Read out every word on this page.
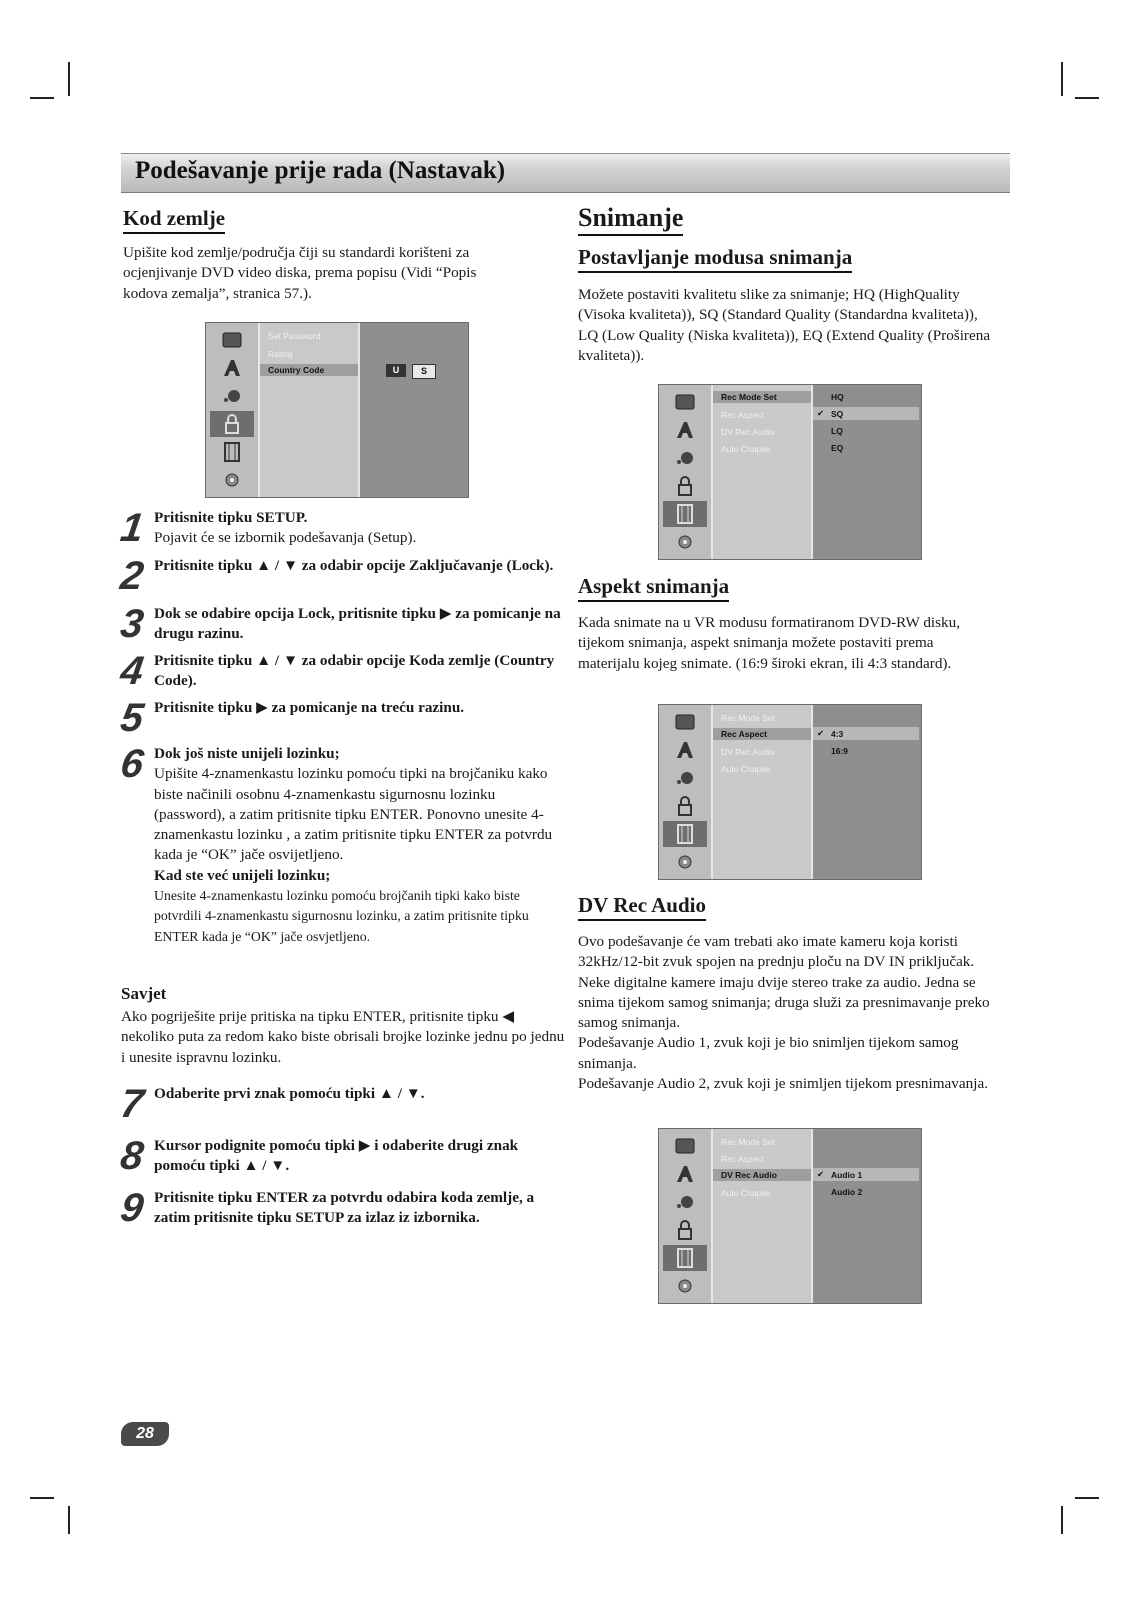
Podešavanje prije rada (Nastavak)
Kod zemlje

Upišite kod zemlje/područja čiji su standardi korišteni za
ocjenjivanje DVD video diska, prema popisu (Vidi “Popis
kodova zemalja”, stranica 57.).

Set Password
Rating
Country Code	U	S
1 Pritisnite tipku SETUP.
Pojavit će se izbornik podešavanja (Setup).
2 Pritisnite tipku ▲ / ▼ za odabir opcije Zaključavanje (Lock).
3 Dok se odabire opcija Lock, pritisnite tipku ▶ za pomicanje na drugu razinu.
4 Pritisnite tipku ▲ / ▼ za odabir opcije Koda zemlje (Country Code).
5 Pritisnite tipku ▶ za pomicanje na treću razinu.
6 Dok još niste unijeli lozinku;
Upišite 4-znamenkastu lozinku pomoću tipki na brojčaniku kako biste načinili osobnu 4-znamenkastu sigurnosnu lozinku (password), a zatim pritisnite tipku ENTER. Ponovno unesite 4-znamenkastu lozinku , a zatim pritisnite tipku ENTER za potvrdu kada je “OK” jače osvijetljeno.
Kad ste već unijeli lozinku;
Unesite 4-znamenkastu lozinku pomoću brojčanih tipki kako biste potvrdili 4-znamenkastu sigurnosnu lozinku, a zatim pritisnite tipku ENTER kada je “OK” jače osvjetljeno.
Savjet

Ako pogriješite prije pritiska na tipku ENTER, pritisnite tipku ◀ nekoliko puta za redom kako biste obrisali brojke lozinke jednu po jednu i unesite ispravnu lozinku.

7 Odaberite prvi znak pomoću tipki ▲ / ▼.
8 Kursor podignite pomoću tipki ▶ i odaberite drugi znak pomoću tipki ▲ / ▼.
9 Pritisnite tipku ENTER za potvrdu odabira koda zemlje, a zatim pritisnite tipku SETUP za izlaz iz izbornika.
Snimanje
Postavljanje modusa snimanja

Možete postaviti kvalitetu slike za snimanje; HQ (HighQuality (Visoka kvaliteta)), SQ (Standard Quality (Standardna kvaliteta)), LQ (Low Quality (Niska kvaliteta)), EQ (Extend Quality (Proširena kvaliteta)).

Rec Mode Set
Rec Aspect
DV Rec Audio
Auto Chapter
HQ
✔ SQ
LQ
EQ
Aspekt snimanja

Kada snimate na u VR modusu formatiranom DVD-RW disku, tijekom snimanja, aspekt snimanja možete postaviti prema materijalu kojeg snimate. (16:9 široki ekran, ili 4:3 standard).

Rec Mode Set
Rec Aspect
DV Rec Audio
Auto Chapter
✔ 4:3
16:9
DV Rec Audio

Ovo podešavanje će vam trebati ako imate kameru koja koristi 32kHz/12-bit zvuk spojen na prednju ploču na DV IN priključak. Neke digitalne kamere imaju dvije stereo trake za audio. Jedna se snima tijekom samog snimanja; druga služi za presnimavanje preko samog snimanja.
Podešavanje Audio 1, zvuk koji je bio snimljen tijekom samog snimanja.
Podešavanje Audio 2, zvuk koji je snimljen tijekom presnimavanja.

Rec Mode Set
Rec Aspect
DV Rec Audio
Auto Chapter
✔ Audio 1
Audio 2
28
